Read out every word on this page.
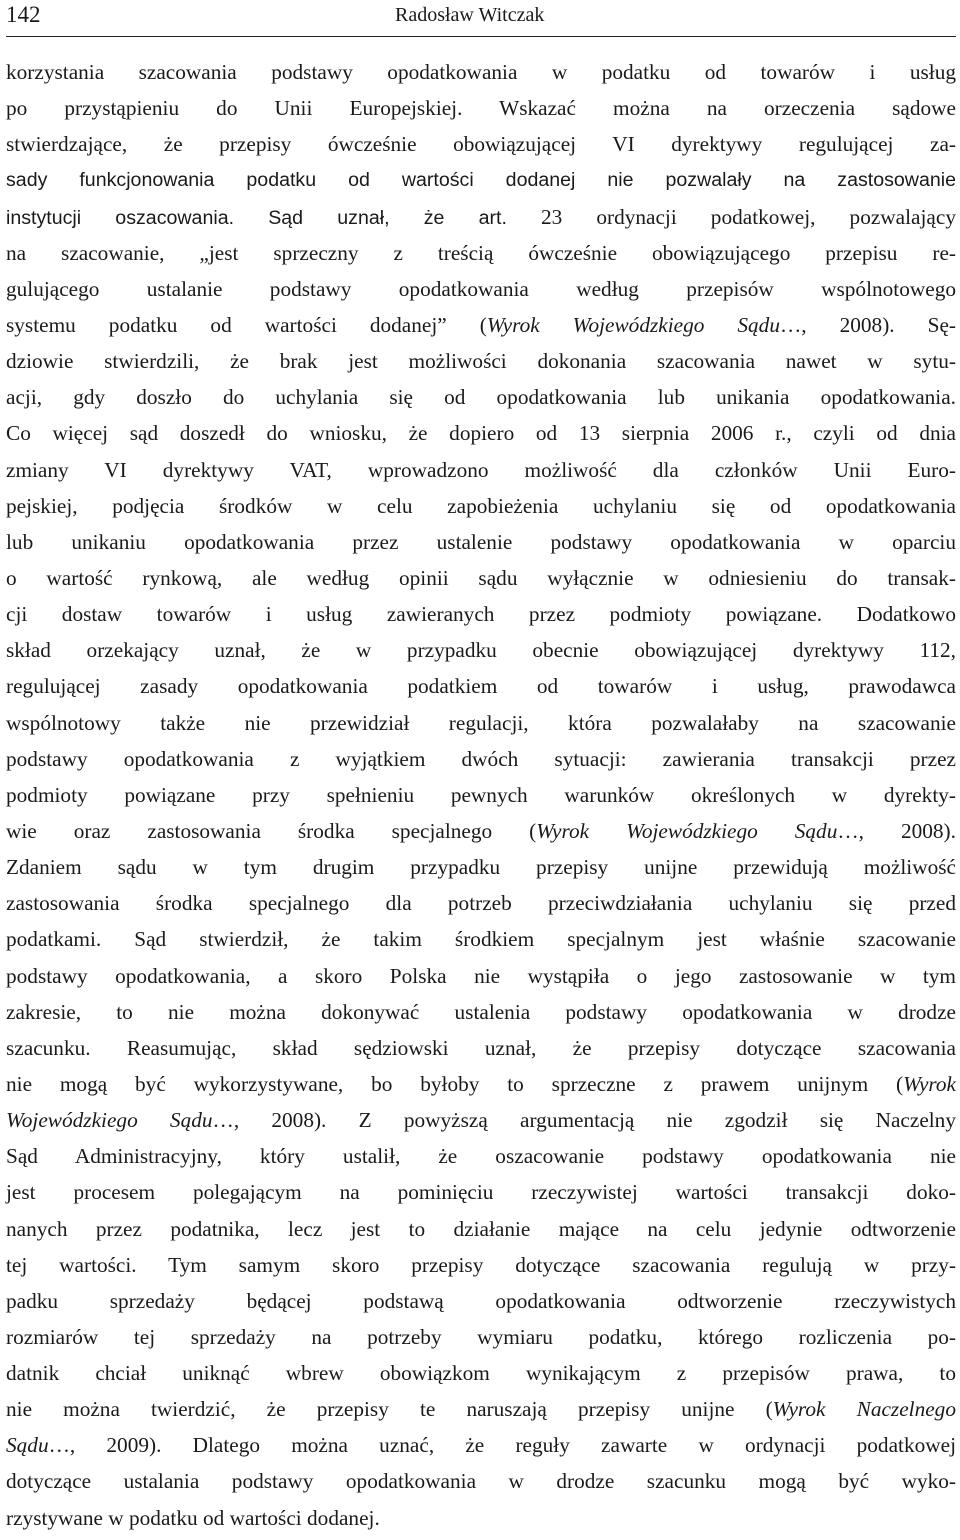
142	Radosław Witczak
korzystania szacowania podstawy opodatkowania w podatku od towarów i usług
po przystąpieniu do Unii Europejskiej. Wskazać można na orzeczenia sądowe
stwierdzające, że przepisy ówcześnie obowiązującej VI dyrektywy regulującej za-
sady funkcjonowania podatku od wartości dodanej nie pozwalały na zastosowanie
instytucji oszacowania. Sąd uznał, że art. 23 ordynacji podatkowej, pozwalający
na szacowanie, „jest sprzeczny z treścią ówcześnie obowiązującego przepisu re-
gulującego ustalanie podstawy opodatkowania według przepisów wspólnotowego
systemu podatku od wartości dodanej” (Wyrok Wojewódzkiego Sądu…, 2008). Sę-
dziowie stwierdzili, że brak jest możliwości dokonania szacowania nawet w sytu-
acji, gdy doszło do uchylania się od opodatkowania lub unikania opodatkowania.
Co więcej sąd doszedł do wniosku, że dopiero od 13 sierpnia 2006 r., czyli od dnia
zmiany VI dyrektywy VAT, wprowadzono możliwość dla członków Unii Euro-
pejskiej, podjęcia środków w celu zapobieżenia uchylaniu się od opodatkowania
lub unikaniu opodatkowania przez ustalenie podstawy opodatkowania w oparciu
o wartość rynkową, ale według opinii sądu wyłącznie w odniesieniu do transak-
cji dostaw towarów i usług zawieranych przez podmioty powiązane. Dodatkowo
skład orzekający uznał, że w przypadku obecnie obowiązującej dyrektywy 112,
regulującej zasady opodatkowania podatkiem od towarów i usług, prawodawca
wspólnotowy także nie przewidział regulacji, która pozwalałaby na szacowanie
podstawy opodatkowania z wyjątkiem dwóch sytuacji: zawierania transakcji przez
podmioty powiązane przy spełnieniu pewnych warunków określonych w dyrekty-
wie oraz zastosowania środka specjalnego (Wyrok Wojewódzkiego Sądu…, 2008).
Zdaniem sądu w tym drugim przypadku przepisy unijne przewidują możliwość
zastosowania środka specjalnego dla potrzeb przeciwdziałania uchylaniu się przed
podatkami. Sąd stwierdził, że takim środkiem specjalnym jest właśnie szacowanie
podstawy opodatkowania, a skoro Polska nie wystąpiła o jego zastosowanie w tym
zakresie, to nie można dokonywać ustalenia podstawy opodatkowania w drodze
szacunku. Reasumując, skład sędziowski uznał, że przepisy dotyczące szacowania
nie mogą być wykorzystywane, bo byłoby to sprzeczne z prawem unijnym (Wyrok
Wojewódzkiego Sądu…, 2008). Z powyższą argumentacją nie zgodził się Naczelny
Sąd Administracyjny, który ustalił, że oszacowanie podstawy opodatkowania nie
jest procesem polegającym na pominięciu rzeczywistej wartości transakcji doko-
nanych przez podatnika, lecz jest to działanie mające na celu jedynie odtworzenie
tej wartości. Tym samym skoro przepisy dotyczące szacowania regulują w przy-
padku sprzedaży będącej podstawą opodatkowania odtworzenie rzeczywistych
rozmiarów tej sprzedaży na potrzeby wymiaru podatku, którego rozliczenia po-
datnik chciał uniknąć wbrew obowiązkom wynikającym z przepisów prawa, to
nie można twierdzić, że przepisy te naruszają przepisy unijne (Wyrok Naczelnego
Sądu…, 2009). Dlatego można uznać, że reguły zawarte w ordynacji podatkowej
dotyczące ustalania podstawy opodatkowania w drodze szacunku mogą być wyko-
rzystywane w podatku od wartości dodanej.
